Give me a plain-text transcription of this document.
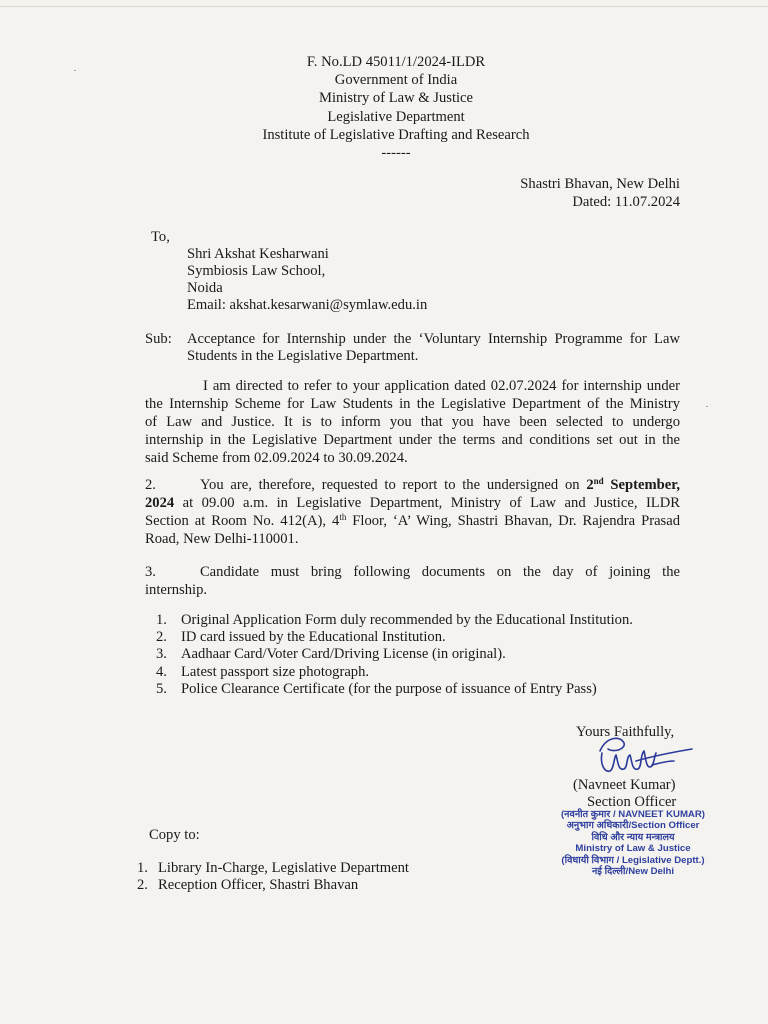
F. No.LD 45011/1/2024-ILDR
Government of India
Ministry of Law & Justice
Legislative Department
Institute of Legislative Drafting and Research
------
Shastri Bhavan, New Delhi
Dated: 11.07.2024
To,
Shri Akshat Kesharwani
Symbiosis Law School,
Noida
Email: akshat.kesarwani@symlaw.edu.in
Sub: Acceptance for Internship under the ‘Voluntary Internship Programme for Law
Students in the Legislative Department.
I am directed to refer to your application dated 02.07.2024 for internship under
the Internship Scheme for Law Students in the Legislative Department of the Ministry
of Law and Justice. It is to inform you that you have been selected to undergo
internship in the Legislative Department under the terms and conditions set out in the
said Scheme from 02.09.2024 to 30.09.2024.
2.	You are, therefore, requested to report to the undersigned on 2nd September,
2024 at 09.00 a.m. in Legislative Department, Ministry of Law and Justice, ILDR
Section at Room No. 412(A), 4th Floor, ‘A’ Wing, Shastri Bhavan, Dr. Rajendra Prasad
Road, New Delhi-110001.
3.	Candidate must bring following documents on the day of joining the
internship.
1. Original Application Form duly recommended by the Educational Institution.
2. ID card issued by the Educational Institution.
3. Aadhaar Card/Voter Card/Driving License (in original).
4. Latest passport size photograph.
5. Police Clearance Certificate (for the purpose of issuance of Entry Pass)
Yours Faithfully,
(Navneet Kumar)
Section Officer
(नवनीत कुमार / NAVNEET KUMAR)
अनुभाग अधिकारी/Section Officer
विधि और न्याय मन्त्रालय
Ministry of Law & Justice
(विधायी विभाग / Legislative Deptt.)
नई दिल्ली/New Delhi
Copy to:
1. Library In-Charge, Legislative Department
2. Reception Officer, Shastri Bhavan
